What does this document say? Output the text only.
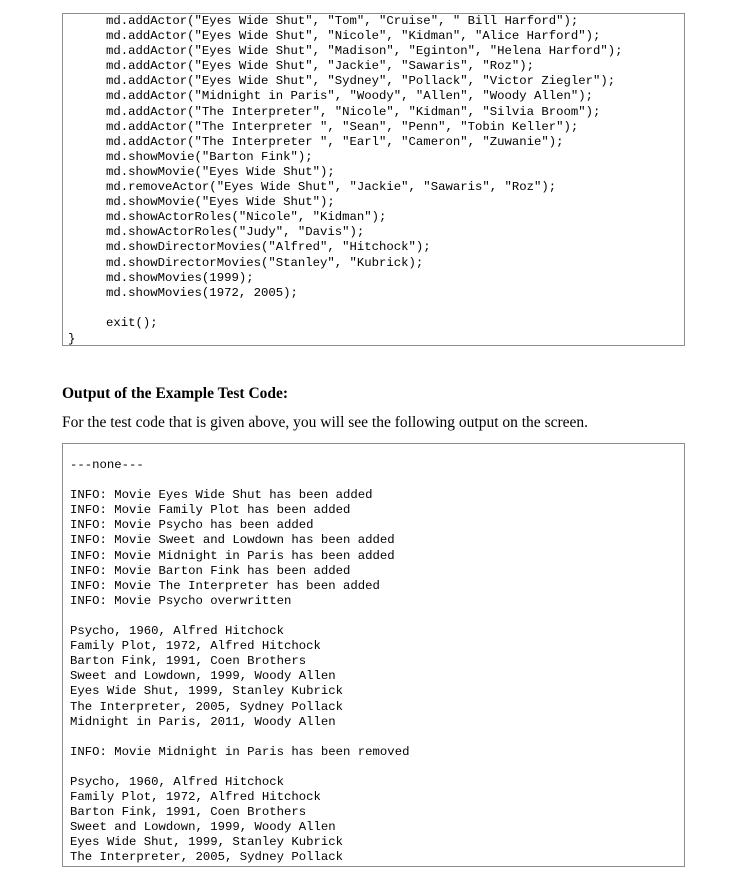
md.addActor("Eyes Wide Shut", "Tom", "Cruise", " Bill Harford");
md.addActor("Eyes Wide Shut", "Nicole", "Kidman", "Alice Harford");
md.addActor("Eyes Wide Shut", "Madison", "Eginton", "Helena Harford");
md.addActor("Eyes Wide Shut", "Jackie", "Sawaris", "Roz");
md.addActor("Eyes Wide Shut", "Sydney", "Pollack", "Victor Ziegler");
md.addActor("Midnight in Paris", "Woody", "Allen", "Woody Allen");
md.addActor("The Interpreter", "Nicole", "Kidman", "Silvia Broom");
md.addActor("The Interpreter ", "Sean", "Penn", "Tobin Keller");
md.addActor("The Interpreter ", "Earl", "Cameron", "Zuwanie");
md.showMovie("Barton Fink");
md.showMovie("Eyes Wide Shut");
md.removeActor("Eyes Wide Shut", "Jackie", "Sawaris", "Roz");
md.showMovie("Eyes Wide Shut");
md.showActorRoles("Nicole", "Kidman");
md.showActorRoles("Judy", "Davis");
md.showDirectorMovies("Alfred", "Hitchock");
md.showDirectorMovies("Stanley", "Kubrick);
md.showMovies(1999);
md.showMovies(1972, 2005);
exit();
}
Output of the Example Test Code:
For the test code that is given above, you will see the following output on the screen.
---none---
INFO: Movie Eyes Wide Shut has been added
INFO: Movie Family Plot has been added
INFO: Movie Psycho has been added
INFO: Movie Sweet and Lowdown has been added
INFO: Movie Midnight in Paris has been added
INFO: Movie Barton Fink has been added
INFO: Movie The Interpreter has been added
INFO: Movie Psycho overwritten
Psycho, 1960, Alfred Hitchock
Family Plot, 1972, Alfred Hitchock
Barton Fink, 1991, Coen Brothers
Sweet and Lowdown, 1999, Woody Allen
Eyes Wide Shut, 1999, Stanley Kubrick
The Interpreter, 2005, Sydney Pollack
Midnight in Paris, 2011, Woody Allen
INFO: Movie Midnight in Paris has been removed
Psycho, 1960, Alfred Hitchock
Family Plot, 1972, Alfred Hitchock
Barton Fink, 1991, Coen Brothers
Sweet and Lowdown, 1999, Woody Allen
Eyes Wide Shut, 1999, Stanley Kubrick
The Interpreter, 2005, Sydney Pollack
